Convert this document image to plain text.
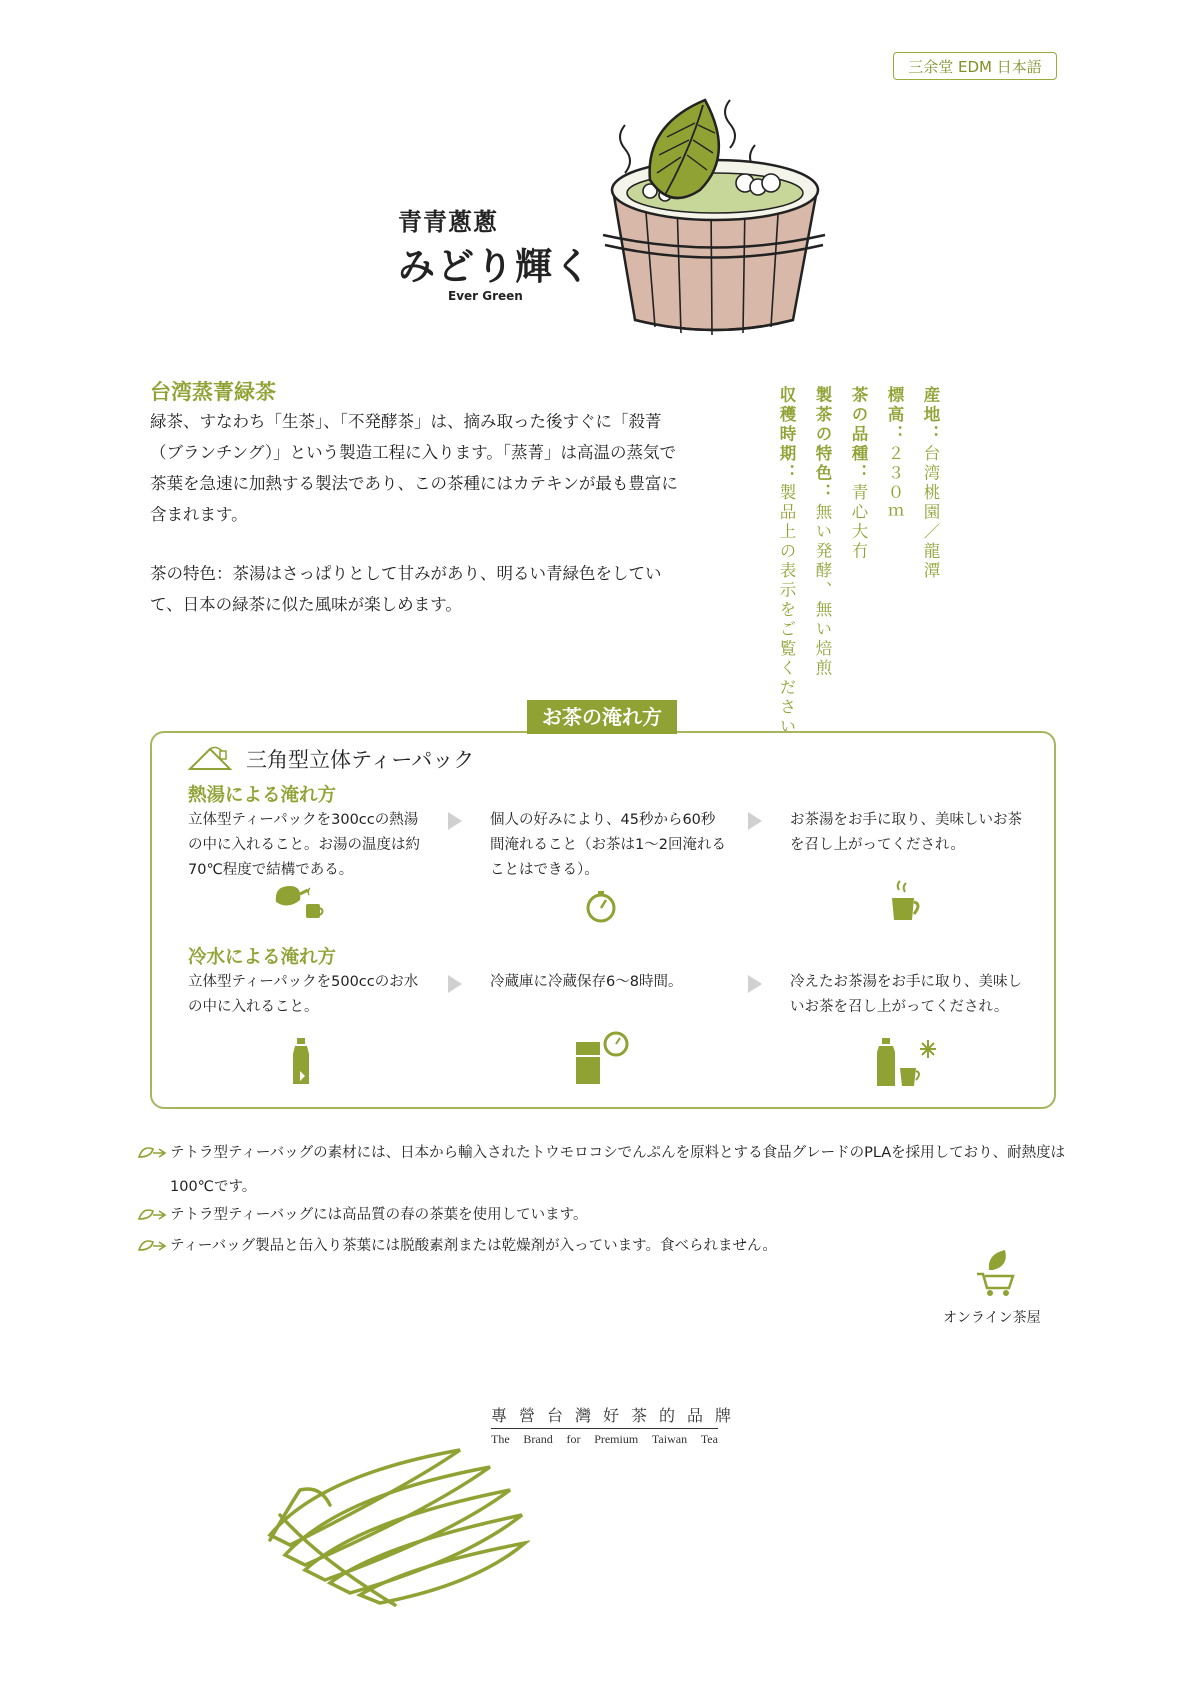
三余堂 EDM 日本語
青青蔥蔥
みどり輝く
Ever Green
台湾蒸菁緑茶
緑茶、すなわち「生茶」、「不発酵茶」は、摘み取った後すぐに「殺菁（ブランチング）」という製造工程に入ります。「蒸菁」は高温の蒸気で茶葉を急速に加熱する製法であり、この茶種にはカテキンが最も豊富に含まれます。
茶の特色：茶湯はさっぱりとして甘みがあり、明るい青緑色をしていて、日本の緑茶に似た風味が楽しめます。
産地：台湾桃園／龍潭
標高：２３０ｍ
茶の品種：青心大冇
製茶の特色：無い発酵、無い焙煎
収穫時期：製品上の表示をご覧ください
お茶の淹れ方
三角型立体ティーパック
熱湯による淹れ方
立体型ティーパックを300ccの熱湯の中に入れること。お湯の温度は約70℃程度で結構である。
個人の好みにより、45秒から60秒間淹れること（お茶は1～2回淹れることはできる）。
お茶湯をお手に取り、美味しいお茶を召し上がってくだされ。
冷水による淹れ方
立体型ティーパックを500ccのお水の中に入れること。
冷蔵庫に冷蔵保存6～8時間。	冷えたお茶湯をお手に取り、美味しいお茶を召し上がってくだされ。
テトラ型ティーバッグの素材には、日本から輸入されたトウモロコシでんぷんを原料とする食品グレードのPLAを採用しており、耐熱度は100℃です。
テトラ型ティーバッグには高品質の春の茶葉を使用しています。
ティーバッグ製品と缶入り茶葉には脱酸素剤または乾燥剤が入っています。食べられません。
オンライン茶屋
專營台灣好茶的品牌
The Brand for Premium Taiwan Tea
